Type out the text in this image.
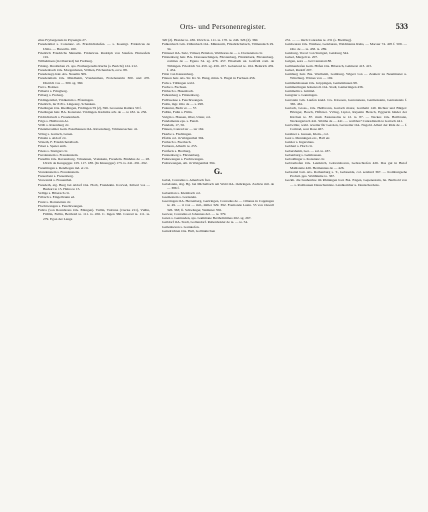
Orts- und Personenregister.	533

elias Frybergensis in Prysengis 27.

Freudenthal s. Constanz. ab. Friedrichshafen. — s. Koentgr. Fridericus de Ulma. — Buwelln. 160.

Friedrich Friedrichs Sünnelin. Fridericus. Rudolph von Staufen. Ehrnesfels 191.

Wilhelmsen (in Oberried) bei Freiburg.

Frising. Dreddeben 21. sps. Freihergeredis Ruchs (s. Bericht) 124. 212.

Freudenbach OA. Morgenbaten, Vrilhen, Frichenbach, ecce. 88.

Freudensyp hair. AG. Neuelin 309.

Freudenmain OA. Mindheim, Vrusbenman, Frolebenstrin 300. und 470. Distrlch vos — 300. sg. 360.

Frei s. Bottner.

Frihertz s. Fringberg.

Friberg s. Freberg.

Fridingenthal, Vridkeinin s. Ffraningen.

Friedrich, Iar 818 s. Lingeany, Schanken.

Friedingen OA. Riedlingen, Fridingen 59 (2), 596. Grosanna Ramtra 59 f.

Friedingen hair. BA. Konstanz. Vridingen. Radnilre adv. de — te 182. te. 256.

Fridrichsbach s. Freudenbach.

Friga s. Haltbronn Ar.

Vrilli s. Rotenburg ctr.

Frienmeromler Gem. Eszelhausen OA. Ravensburg, Vrimeursecher. 41.

Vrilag s. Gartach, Gruen.

Frinzin s. Aldorf ctr.

Vrineth, F. Friedrichetalbach.

Friset s. Speier enth.

Friezs s. Stuttgart ctr.

Frerdenstein s. Freudenstein.

Freudlin OA. Ravensburg. Vrineknen, Vreinkein, Freudeln. Brnhdus de — 28. Ulrich de Kengegger. 105. 117. 188. (In Kinzegger) 173. ts. 241. 291. 292.

Freumingen s. Rendlegen ind. et ctr.

Vrendenstein s. Freudenstein.

Freuerbetz s. Freuenberg.

Vrewental s. Freuenthal.

Freudeth, atg. Burg bei Aldorf OA. Horb, Frundekin. Kovwel, Kilwel vos — Burkart te 15. Halna te 15.

Vellige s. Biberach ctr.

Fribach s. Eingelbrunn ed.

Frunt s. Dornstetten ctr.

Flochtwangen s. Feuchtwangen.

Fulica (von Ronnbrons OA. Ehingen). Vullin, Vulcnna (vrecke 211), Vullin, Fülilin, Fullin, Berthold te. 111. ts. 456. C. Ingen 360. Conrad te. 111. te. 279. Egon der Lange

320 (2). Hreider te. 436. Ulrich te. 111. te. 170. te. 246. 326 (2). 360.

Fulkenbach Gm. Züllenbach OA. Münsterm, Filsabrüchsbach, Vilmendach 29. 34.

Fürnssel OA. Sulz, Vrmsel, Britelon, Walthorus de — s. Dornstetten ctr.

Fürstenberg hair. BA. Donaueschingen, Fürstenberg, Fürstinberk, Fürstenberg. comites de — Egeno 54. sg. 476. 457. Elisabeth ux. Gotfridi com. de Tübingen. Friedrich 54. 459. sg. 456. 457. Gebertesd te. 164. Heinrich 459. f. 454.

Fürst von Kanzenberg.

Füsson hair. AG. Str. Kt. St. Hang, minn. S. Hagal in Fuchsen 456.

Fubs s. Tübingen wald.

Fuche s. Fuchsen.

Fürbach s. Husenbach.

Fuhrenberg s. Fürstenberg.

Fulltweisse s. Feuchtwangen.

Fulda, mgr. Otto de — s. 298.

Fulentur, Bsdrr er. — 57.

Fulbin, Fulin s. Fülin.

Vulgin s. Hausen, Ober, Unter, col.

Fundamente eps. s. Fundi.

Fundam, 17, 56.

Füssen, Conrad ter — ter 162.

Fkarbe s. Fischingen.

Pfaltis col. m Weigenthal 394.

Furbach s. Fuerbach.

Furlaren, Alberib te. 255.

Furtfeck s. Bretburg.

Furstenberg s. Fürstenberg.

Fuitewangen s. Fuchtwangen.

Fuitrewangen, Alt. m Weigenthal 394.

G.

Gabel, Conradus s. Amerbach frei.

Gabelstein, abg. Bg. bei Michelbach am Wald OA. Oehringen. Zachrie mil. de — 386 f.

Gaberman s. Kleinbach col.

Gaemestein s. Garnstein.

Gaerringen OA. Herrenberg, Gertringen, Conradus de — villanus in Cappingen te. 49. — ri vox — mil., miller 329. 392. Fremonde Lusin. 55 von Oswell 326. 363; ft. Schwänger, Wemnter 356.

Gerwer, Conradus et Johannes del. — te. 379.

Gaten s. Gentnaden, sps. Gammane Bertholimmes 262. sg. 267.

Gaildorf OA. Stadt, Gollendorf. Rubenbokler de te. — te. 54.

Gailenheven s. Garnkofen.

Gaindrichten OA. Hall, Gollinkirchen

231. — — mich Conradus te. 231 (s. Breitbug).

Gaisbeuren OA. Waldsee, Geisburen, Waldmanns Ruhs, — Macaur 74. 405 f. 509. — Otto de — te. 458. ts. 289.

Gaisburg, Vorort von Stuttgart, Gaisburg 344.

Galsel, Margelt te. 207.

Galgen, seax — bei Cannstatt 88.

Gallmenhofen Gem. Höfen OA. Biberach, Galmerst 413. 415.

Galsel, Rudolf 207.

Gamburg hair. BA. Wertheim, Gamburg. Wigert von — Zeuherr zu Neuminster u. Würzburg. Wirnes von — 192.

Gammelshausen OA. Göppingen, Gemelnhusen 98.

Gammertingen hohenzoll. OA. Stadt, Gamertingen 436.

Gammelin s. Gmünd.

Gangrier s. Ganningen.

Garrstein Gm. Laufen kreid. LG. Kloosen, Garrensteau, Garmenstein, Garnansteis f. 365. 461.

Gartach, Gross-, OA. Heilbronn, Gartach maior, Garthaht 149. Richter und Bürger: Hörnger, Bosch, Hiflcnet. Vvilag, Lipior, Reyenin Hersch, Eggrerin hinder der Kirchen te. 87. mult. Eastensolns te 12. ts. 87. — Necker. OA. Heilbronn, Neckargartach 441. Sibithe de — 441. — weibber? Cunradistem te Gartach 441.

Gartwiller, wahl. reveiler für Gerolen, Gerweiler OA. Nagold. Albert der Ride de — f. Comrad, sour Rose 467.

Gastiner s. Gussen, Klein-, col.

Gast s. Menningen etc., Hall etr.

Gaisler s. Ingerslaus.

Gebhart s. Horb ctr.

Gebersheim, Ger. — sal. te. 437.

Gebenburg s. Gelnhausen.

Geboldinger s. Konstanz ctr.

Gebrazhofen OA. Leutkirch, Gobratshoven, Gebrechtofen 426. Das gut in Buiof Mahlstette 426. Hermannus de — 426.

Gebsattel bair. AG. Rothenburg s. T., Gebsseide, col. sentlard 367. — Komburgsehe Probsti. pps. Walthlume to. 367.

Geckh. die bauherrine im Rhiningen bad. BA. Engen, Gepenestain, bn. Berthold von — s. Rotthausen Dauschsrniste. Landkombur u. Deutschordens.
